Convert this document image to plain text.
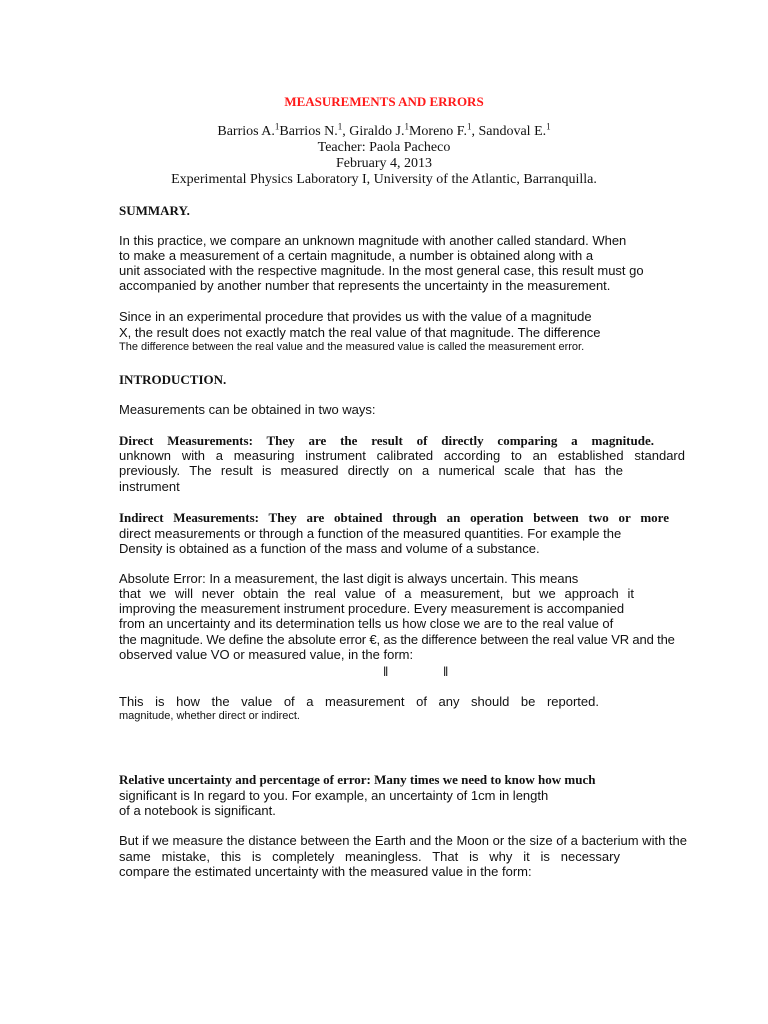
MEASUREMENTS AND ERRORS

Barrios A.$^1$Barrios N.$^1$, Giraldo J.$^1$Moreno F.$^1$, Sandoval E.$^1$

Teacher: Paola Pacheco

February 4, 2013

Experimental Physics Laboratory I, University of the Atlantic, Barranquilla.

SUMMARY.

In this practice, we compare an unknown magnitude with another called standard. When

to make a measurement of a certain magnitude, a number is obtained along with a

unit associated with the respective magnitude. In the most general case, this result must go

accompanied by another number that represents the uncertainty in the measurement.

Since in an experimental procedure that provides us with the value of a magnitude

X, the result does not exactly match the real value of that magnitude. The difference

The difference between the real value and the measured value is called the measurement error.

INTRODUCTION.

Measurements can be obtained in two ways:

Direct Measurements: They are the result of directly comparing a magnitude.

unknown with a measuring instrument calibrated according to an established standard

previously. The result is measured directly on a numerical scale that has the

instrument

Indirect Measurements: They are obtained through an operation between two or more

direct measurements or through a function of the measured quantities. For example the

Density is obtained as a function of the mass and volume of a substance.

Absolute Error: In a measurement, the last digit is always uncertain. This means

that we will never obtain the real value of a measurement, but we approach it

improving the measurement instrument procedure. Every measurement is accompanied

from an uncertainty and its determination tells us how close we are to the real value of

the magnitude. We define the absolute error €, as the difference between the real value VR and the

observed value VO or measured value, in the form:

‖	‖

This is how the value of a measurement of any should be reported.

magnitude, whether direct or indirect.

Relative uncertainty and percentage of error: Many times we need to know how much

significant is In regard to you. For example, an uncertainty of 1cm in length

of a notebook is significant.

But if we measure the distance between the Earth and the Moon or the size of a bacterium with the

same mistake, this is completely meaningless. That is why it is necessary

compare the estimated uncertainty with the measured value in the form:
